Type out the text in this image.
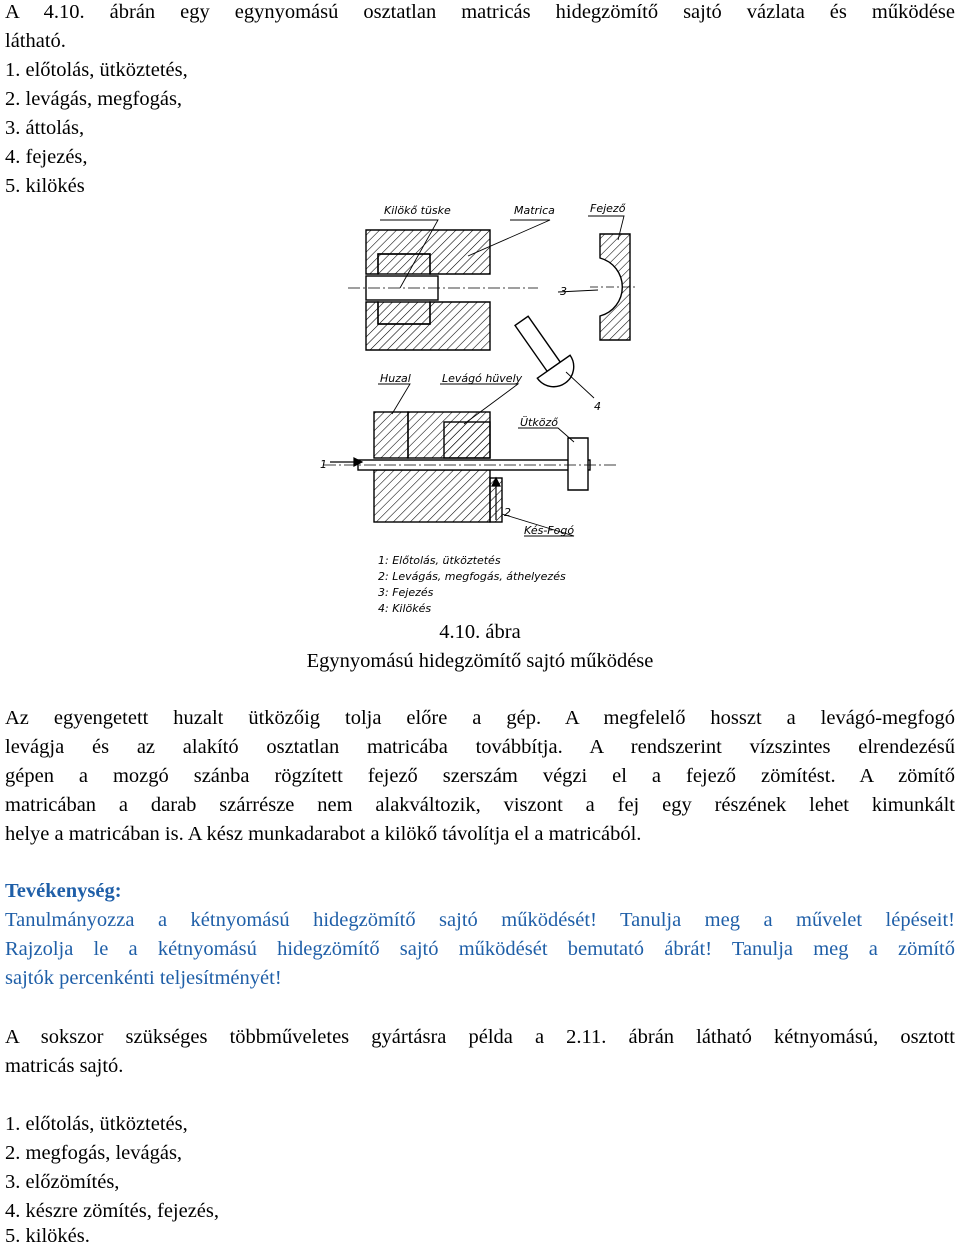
A 4.10. ábrán egy egynyomású osztatlan matricás hidegzömítő sajtó vázlata és működése
látható.
1. előtolás, ütköztetés,
2. levágás, megfogás,
3. áttolás,
4. fejezés,
5. kilökés
Kilökő tüske	Matrica	Fejező
3
4
Huzal	Levágó hüvely
Ütköző
1
2
Kés-Fogó
1: Előtolás, ütköztetés
2: Levágás, megfogás, áthelyezés
3: Fejezés
4: Kilökés
4.10. ábra
Egynyomású hidegzömítő sajtó működése
Az egyengetett huzalt ütközőig tolja előre a gép. A megfelelő hosszt a levágó-megfogó
levágja és az alakító osztatlan matricába továbbítja. A rendszerint vízszintes elrendezésű
gépen a mozgó szánba rögzített fejező szerszám végzi el a fejező zömítést. A zömítő
matricában a darab szárrésze nem alakváltozik, viszont a fej egy részének lehet kimunkált
helye a matricában is. A kész munkadarabot a kilökő távolítja el a matricából.
Tevékenység:
Tanulmányozza a kétnyomású hidegzömítő sajtó működését! Tanulja meg a művelet lépéseit!
Rajzolja le a kétnyomású hidegzömítő sajtó működését bemutató ábrát! Tanulja meg a zömítő
sajtók percenkénti teljesítményét!
A sokszor szükséges többműveletes gyártásra példa a 2.11. ábrán látható kétnyomású, osztott
matricás sajtó.
1. előtolás, ütköztetés,
2. megfogás, levágás,
3. előzömítés,
4. készre zömítés, fejezés,
5. kilökés.
